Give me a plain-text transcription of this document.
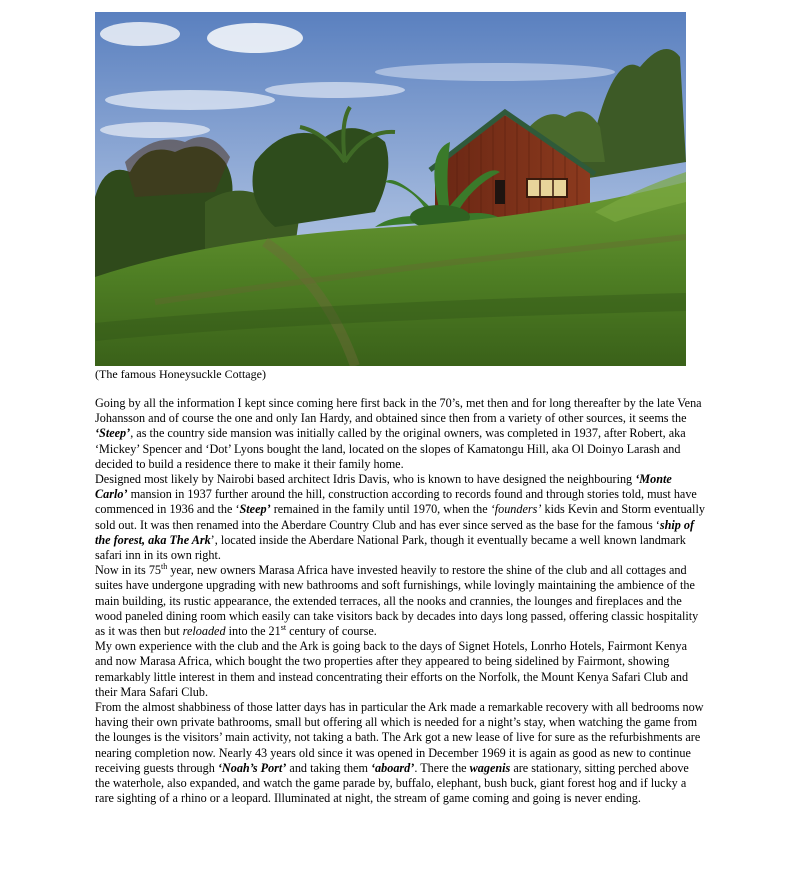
(The famous Honeysuckle Cottage)

Going by all the information I kept since coming here first back in the 70’s, met then and for long thereafter by the late Vena Johansson and of course the one and only Ian Hardy, and obtained since then from a variety of other sources, it seems the ‘Steep’, as the country side mansion was initially called by the original owners, was completed in 1937, after Robert, aka ‘Mickey’ Spencer and ‘Dot’ Lyons bought the land, located on the slopes of Kamatongu Hill, aka Ol Doinyo Larash and decided to build a residence there to make it their family home.

Designed most likely by Nairobi based architect Idris Davis, who is known to have designed the neighbouring ‘Monte Carlo’ mansion in 1937 further around the hill, construction according to records found and through stories told, must have commenced in 1936 and the ‘Steep’ remained in the family until 1970, when the ‘founders’ kids Kevin and Storm eventually sold out. It was then renamed into the Aberdare Country Club and has ever since served as the base for the famous ‘ship of the forest, aka The Ark’, located inside the Aberdare National Park, though it eventually became a well known landmark safari inn in its own right.

Now in its 75th year, new owners Marasa Africa have invested heavily to restore the shine of the club and all cottages and suites have undergone upgrading with new bathrooms and soft furnishings, while lovingly maintaining the ambience of the main building, its rustic appearance, the extended terraces, all the nooks and crannies, the lounges and fireplaces and the wood paneled dining room which easily can take visitors back by decades into days long passed, offering classic hospitality as it was then but reloaded into the 21st century of course.

My own experience with the club and the Ark is going back to the days of Signet Hotels, Lonrho Hotels, Fairmont Kenya and now Marasa Africa, which bought the two properties after they appeared to being sidelined by Fairmont, showing remarkably little interest in them and instead concentrating their efforts on the Norfolk, the Mount Kenya Safari Club and their Mara Safari Club.

From the almost shabbiness of those latter days has in particular the Ark made a remarkable recovery with all bedrooms now having their own private bathrooms, small but offering all which is needed for a night’s stay, when watching the game from the lounges is the visitors’ main activity, not taking a bath. The Ark got a new lease of live for sure as the refurbishments are nearing completion now. Nearly 43 years old since it was opened in December 1969 it is again as good as new to continue receiving guests through ‘Noah’s Port’ and taking them ‘aboard’. There the wagenis are stationary, sitting perched above the waterhole, also expanded, and watch the game parade by, buffalo, elephant, bush buck, giant forest hog and if lucky a rare sighting of a rhino or a leopard. Illuminated at night, the stream of game coming and going is never ending.
